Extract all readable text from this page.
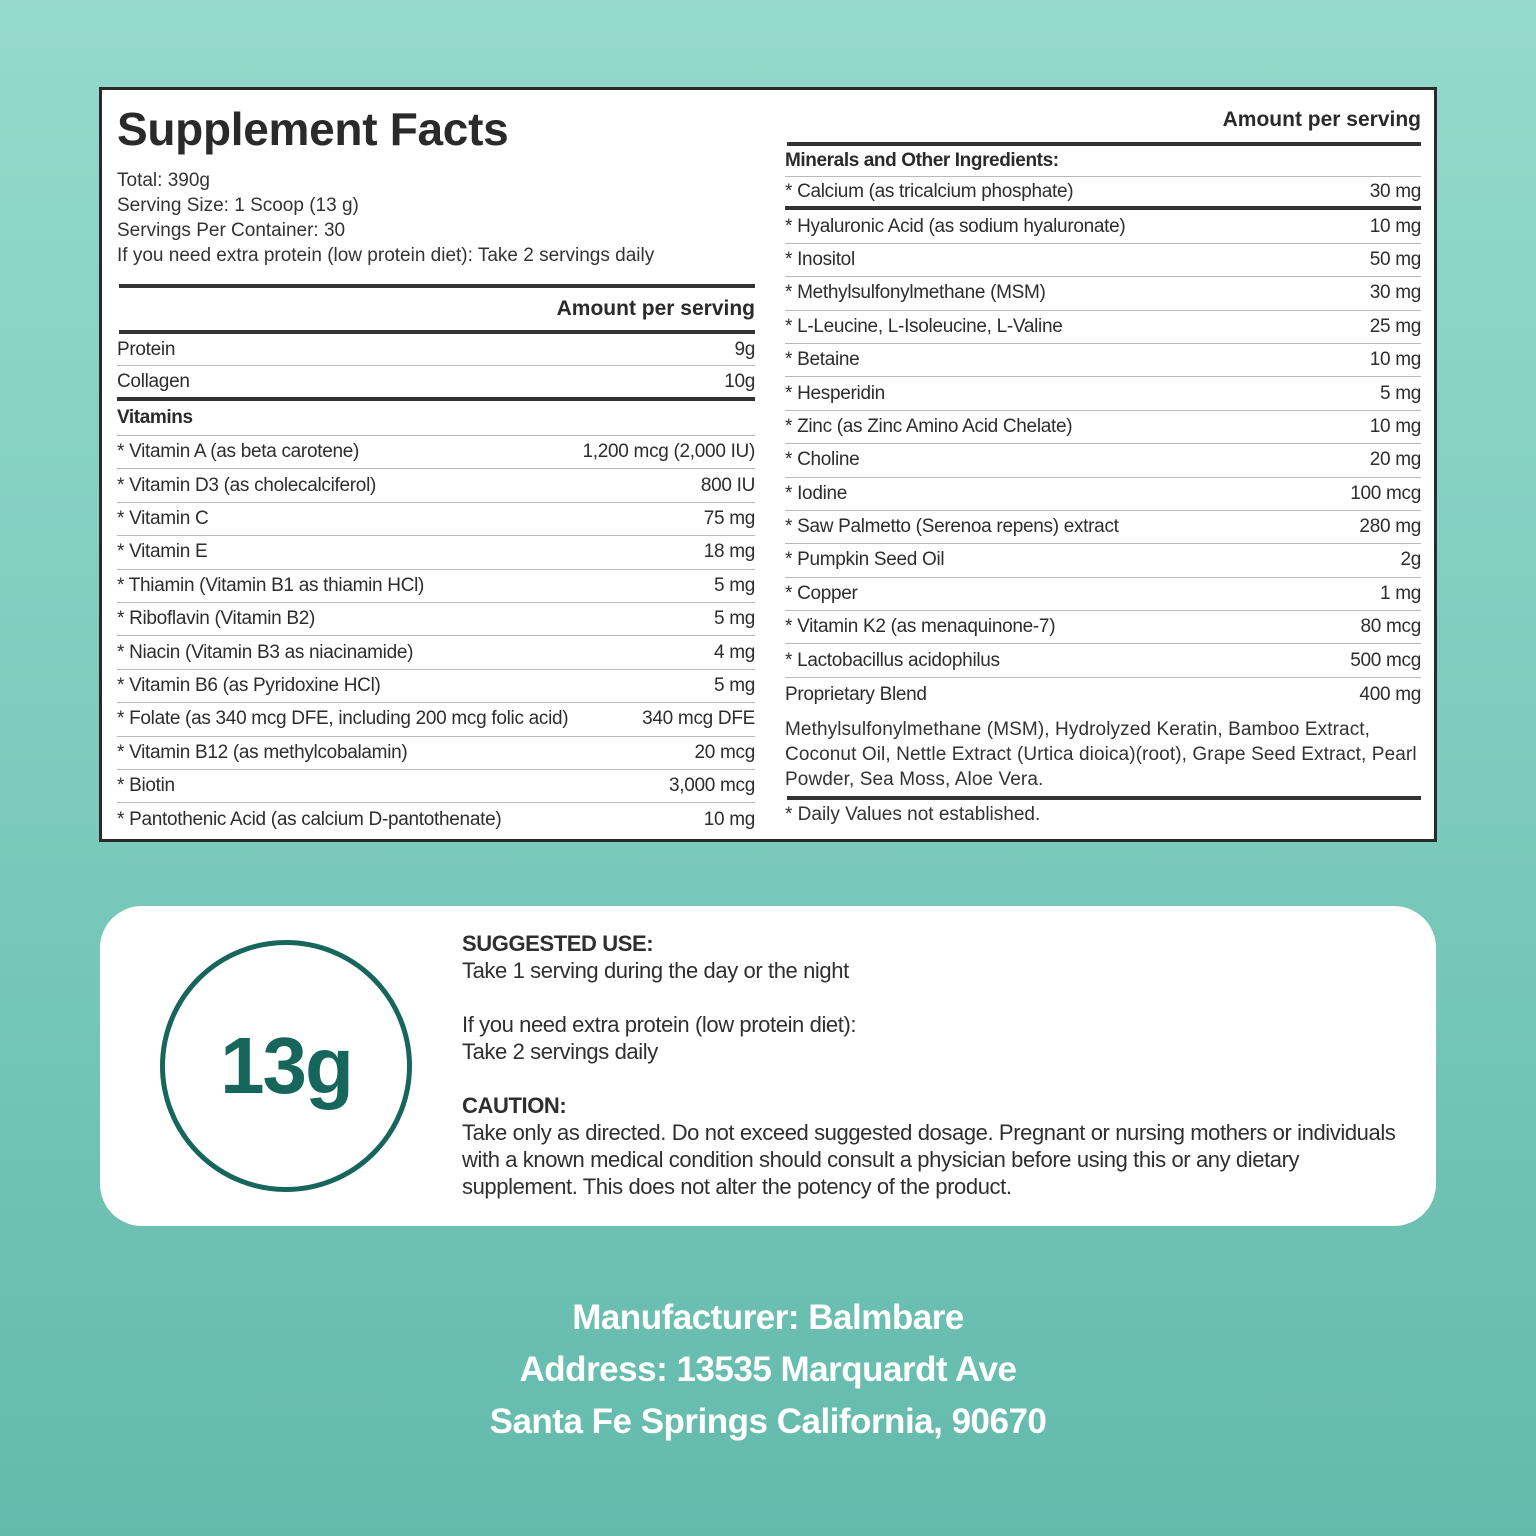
Supplement Facts
Total: 390g
Serving Size: 1 Scoop (13 g)
Servings Per Container: 30
If you need extra protein (low protein diet): Take 2 servings daily
Amount per serving
Protein	9g
Collagen	10g
Vitamins
* Vitamin A (as beta carotene)	1,200 mcg (2,000 IU)
* Vitamin D3 (as cholecalciferol)	800 IU
* Vitamin C	75 mg
* Vitamin E	18 mg
* Thiamin (Vitamin B1 as thiamin HCl)	5 mg
* Riboflavin (Vitamin B2)	5 mg
* Niacin (Vitamin B3 as niacinamide)	4 mg
* Vitamin B6 (as Pyridoxine HCl)	5 mg
* Folate (as 340 mcg DFE, including 200 mcg folic acid)	340 mcg DFE
* Vitamin B12 (as methylcobalamin)	20 mcg
* Biotin	3,000 mcg
* Pantothenic Acid (as calcium D-pantothenate)	10 mg
Amount per serving
Minerals and Other Ingredients:
* Calcium (as tricalcium phosphate)	30 mg
* Hyaluronic Acid (as sodium hyaluronate)	10 mg
* Inositol	50 mg
* Methylsulfonylmethane (MSM)	30 mg
* L-Leucine, L-Isoleucine, L-Valine	25 mg
* Betaine	10 mg
* Hesperidin	5 mg
* Zinc (as Zinc Amino Acid Chelate)	10 mg
* Choline	20 mg
* Iodine	100 mcg
* Saw Palmetto (Serenoa repens) extract	280 mg
* Pumpkin Seed Oil	2g
* Copper	1 mg
* Vitamin K2 (as menaquinone-7)	80 mcg
* Lactobacillus acidophilus	500 mcg
Proprietary Blend	400 mg
Methylsulfonylmethane (MSM), Hydrolyzed Keratin, Bamboo Extract, Coconut Oil, Nettle Extract (Urtica dioica)(root), Grape Seed Extract, Pearl Powder, Sea Moss, Aloe Vera.
* Daily Values not established.
13g
SUGGESTED USE:
Take 1 serving during the day or the night
If you need extra protein (low protein diet):
Take 2 servings daily
CAUTION:
Take only as directed. Do not exceed suggested dosage. Pregnant or nursing mothers or individuals with a known medical condition should consult a physician before using this or any dietary supplement. This does not alter the potency of the product.
Manufacturer: Balmbare
Address: 13535 Marquardt Ave
Santa Fe Springs California, 90670
